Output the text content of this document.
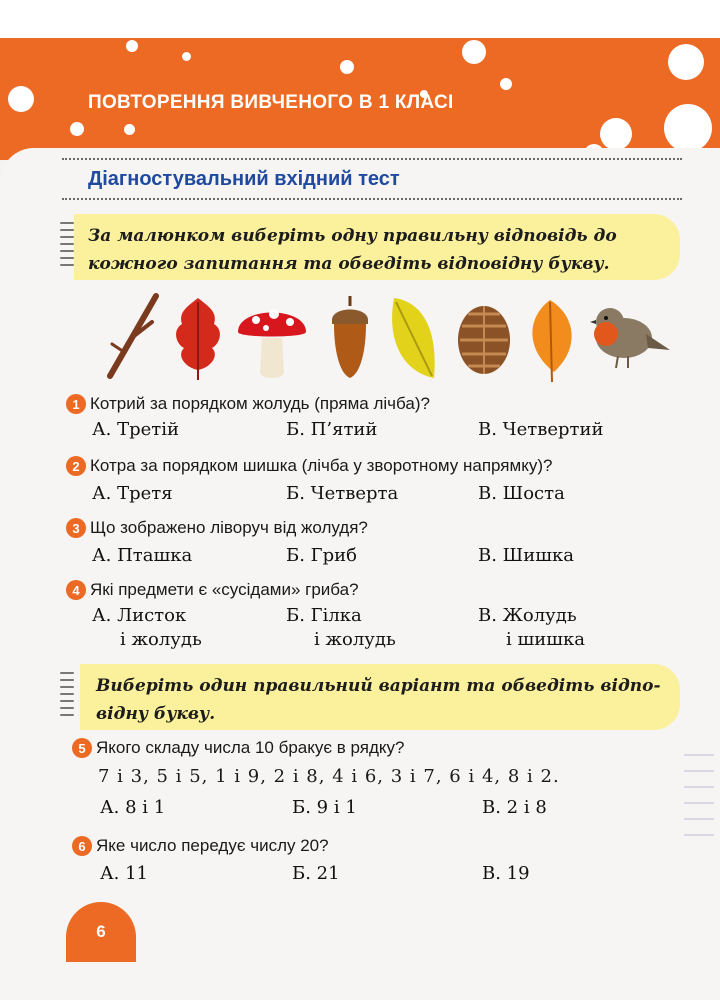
ПОВТОРЕННЯ ВИВЧЕНОГО В 1 КЛАСІ
Діагностувальний вхідний тест
За малюнком виберіть одну правильну відповідь до
кожного запитання та обведіть відповідну букву.
1 Котрий за порядком жолудь (пряма лічба)?
А. Третій	Б. П’ятий	В. Четвертий
2 Котра за порядком шишка (лічба у зворотному напрямку)?
А. Третя	Б. Четверта	В. Шоста
3 Що зображено ліворуч від жолудя?
А. Пташка	Б. Гриб	В. Шишка
4 Які предмети є «сусідами» гриба?
А. Листок
і жолудь
Б. Гілка
і жолудь
В. Жолудь
і шишка
Виберіть один правильний варіант та обведіть відпо-
відну букву.
5 Якого складу числа 10 бракує в рядку?
7 і 3, 5 і 5, 1 і 9, 2 і 8, 4 і 6, 3 і 7, 6 і 4, 8 і 2.
А. 8 і 1	Б. 9 і 1	В. 2 і 8
6 Яке число передує числу 20?
А. 11	Б. 21	В. 19
6
